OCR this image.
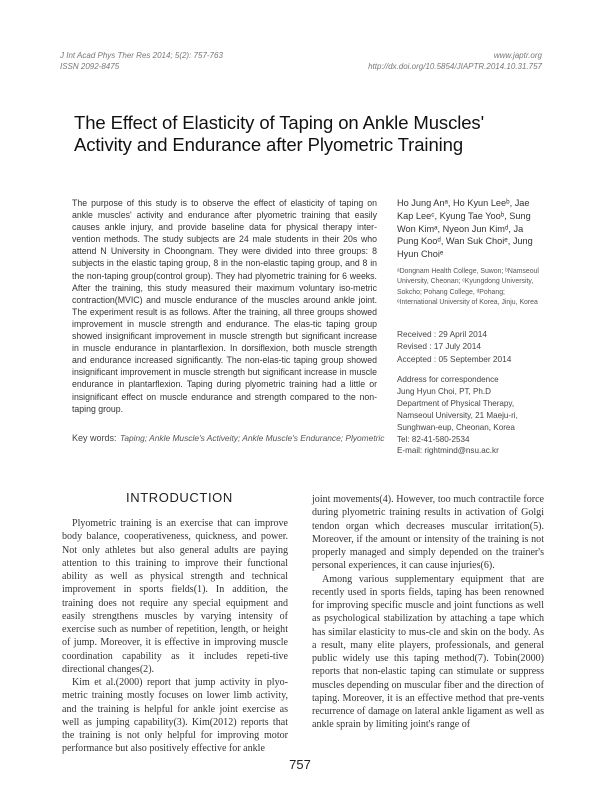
J Int Acad Phys Ther Res 2014; 5(2): 757-763
ISSN 2092-8475
www.japtr.org
http://dx.doi.org/10.5854/JIAPTR.2014.10.31.757
The Effect of Elasticity of Taping on Ankle Muscles' Activity and Endurance after Plyometric Training

The purpose of this study is to observe the effect of elasticity of taping on ankle muscles' activity and endurance after plyometric training that easily causes ankle injury, and provide baseline data for physical therapy inter-vention methods. The study subjects are 24 male students in their 20s who attend N University in Choongnam. They were divided into three groups: 8 subjects in the elastic taping group, 8 in the non-elastic taping group, and 8 in the non-taping group(control group). They had plyometric training for 6 weeks. After the training, this study measured their maximum voluntary iso-metric contraction(MVIC) and muscle endurance of the muscles around ankle joint. The experiment result is as follows. After the training, all three groups showed improvement in muscle strength and endurance. The elas-tic taping group showed insignificant improvement in muscle strength but significant increase in muscle endurance in plantarflexion. In dorsiflexion, both muscle strength and endurance increased significantly. The non-elas-tic taping group showed insignificant improvement in muscle strength but significant increase in muscle endurance in plantarflexion. Taping during plyometric training had a little or insignificant effect on muscle endurance and strength compared to the non-taping group.

Ho Jung Anᵃ, Ho Kyun Leeᵇ, Jae Kap Leeᶜ, Kyung Tae Yooᵇ, Sung Won Kimᵃ, Nyeon Jun Kimᵈ, Ja Pung Kooᵈ, Wan Suk Choiᵉ, Jung Hyun Choiᵉ

ᵃDongnam Health College, Suwon; ᵇNamseoul University, Cheonan; ᶜKyungdong University, Sokcho; Pohang College, ᵈPohang; ᵉInternational University of Korea, Jinju, Korea

Received : 29 April 2014
Revised : 17 July 2014
Accepted : 05 September 2014
Address for correspondence
Jung Hyun Choi, PT, Ph.D
Department of Physical Therapy,
Namseoul University, 21 Maeju-ri,
Sunghwan-eup, Cheonan, Korea
Tel: 82-41-580-2534
E-mail: rightmind@nsu.ac.kr
Key words: Taping; Ankle Muscle's Activeity; Ankle Muscle's Endurance; Plyometric
INTRODUCTION

Plyometric training is an exercise that can improve body balance, cooperativeness, quickness, and power. Not only athletes but also general adults are paying attention to this training to improve their functional ability as well as physical strength and technical improvement in sports fields(1). In addition, the training does not require any special equipment and easily strengthens muscles by varying intensity of exercise such as number of repetition, length, or height of jump. Moreover, it is effective in improving muscle coordination capability as it includes repeti-tive directional changes(2).

Kim et al.(2000) report that jump activity in plyo-metric training mostly focuses on lower limb activity, and the training is helpful for ankle joint exercise as well as jumping capability(3). Kim(2012) reports that the training is not only helpful for improving motor performance but also positively effective for ankle

joint movements(4). However, too much contractile force during plyometric training results in activation of Golgi tendon organ which decreases muscular irritation(5). Moreover, if the amount or intensity of the training is not properly managed and simply depended on the trainer's personal experiences, it can cause injuries(6).

Among various supplementary equipment that are recently used in sports fields, taping has been renowned for improving specific muscle and joint functions as well as psychological stabilization by attaching a tape which has similar elasticity to mus-cle and skin on the body. As a result, many elite players, professionals, and general public widely use this taping method(7). Tobin(2000) reports that non-elastic taping can stimulate or suppress muscles depending on muscular fiber and the direction of taping. Moreover, it is an effective method that pre-vents recurrence of damage on lateral ankle ligament as well as ankle sprain by limiting joint's range of

757
